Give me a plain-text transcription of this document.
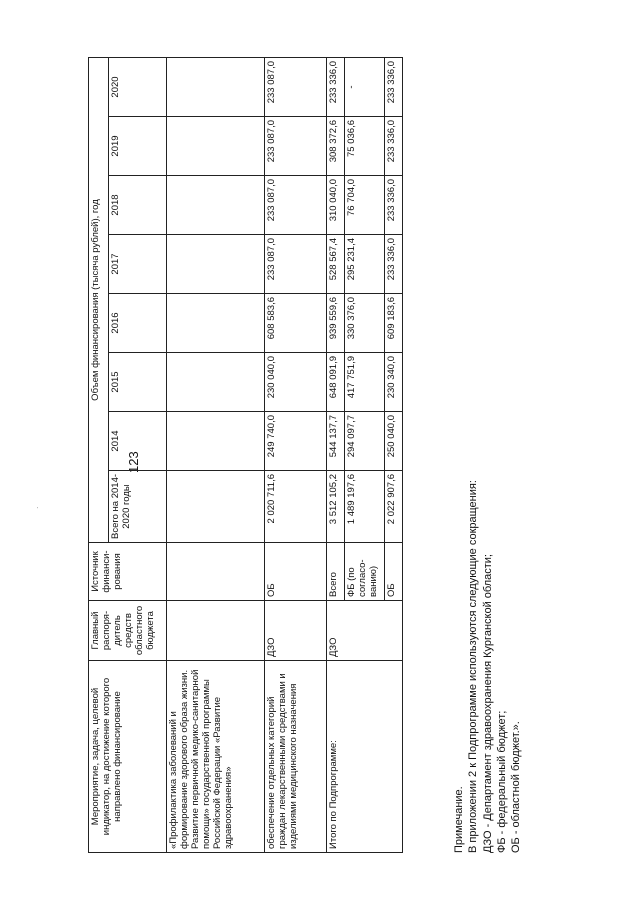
123
Мероприятие, задача, целевой индикатор, на достижение которого направлено финансирование	Главный распоря-дитель средств областного бюджета	Источник финанси-рования	Объем финансирования (тысяча рублей), год							
			Всего на 2014-2020 годы	2014	2015	2016	2017	2018	2019	2020
«Профилактика заболеваний и формирование здорового образа жизни. Развитие первичной медико-санитарной помощи» государственной программы Российской Федерации «Развитие здравоохранения»										
обеспечение отдельных категорий граждан лекарственными средствами и изделиями медицинского назначения	ДЗО	ОБ	2 020 711,6	249 740,0	230 040,0	608 583,6	233 087,0	233 087,0	233 087,0	233 087,0
Итого по Подпрограмме:	ДЗО	Всего	3 512 105,2	544 137,7	648 091,9	939 559,6	528 567,4	310 040,0	308 372,6	233 336,0
		ФБ (по согласо-ванию)	1 489 197,6	294 097,7	417 751,9	330 376,0	295 231,4	76 704,0	75 036,6	-
		ОБ	2 022 907,6	250 040,0	230 340,0	609 183,6	233 336,0	233 336,0	233 336,0	233 336,0
Примечание. В приложении 2 к Подпрограмме используются следующие сокращения: ДЗО - Департамент здравоохранения Курганской области; ФБ - федеральный бюджет; ОБ - областной бюджет.».
.
